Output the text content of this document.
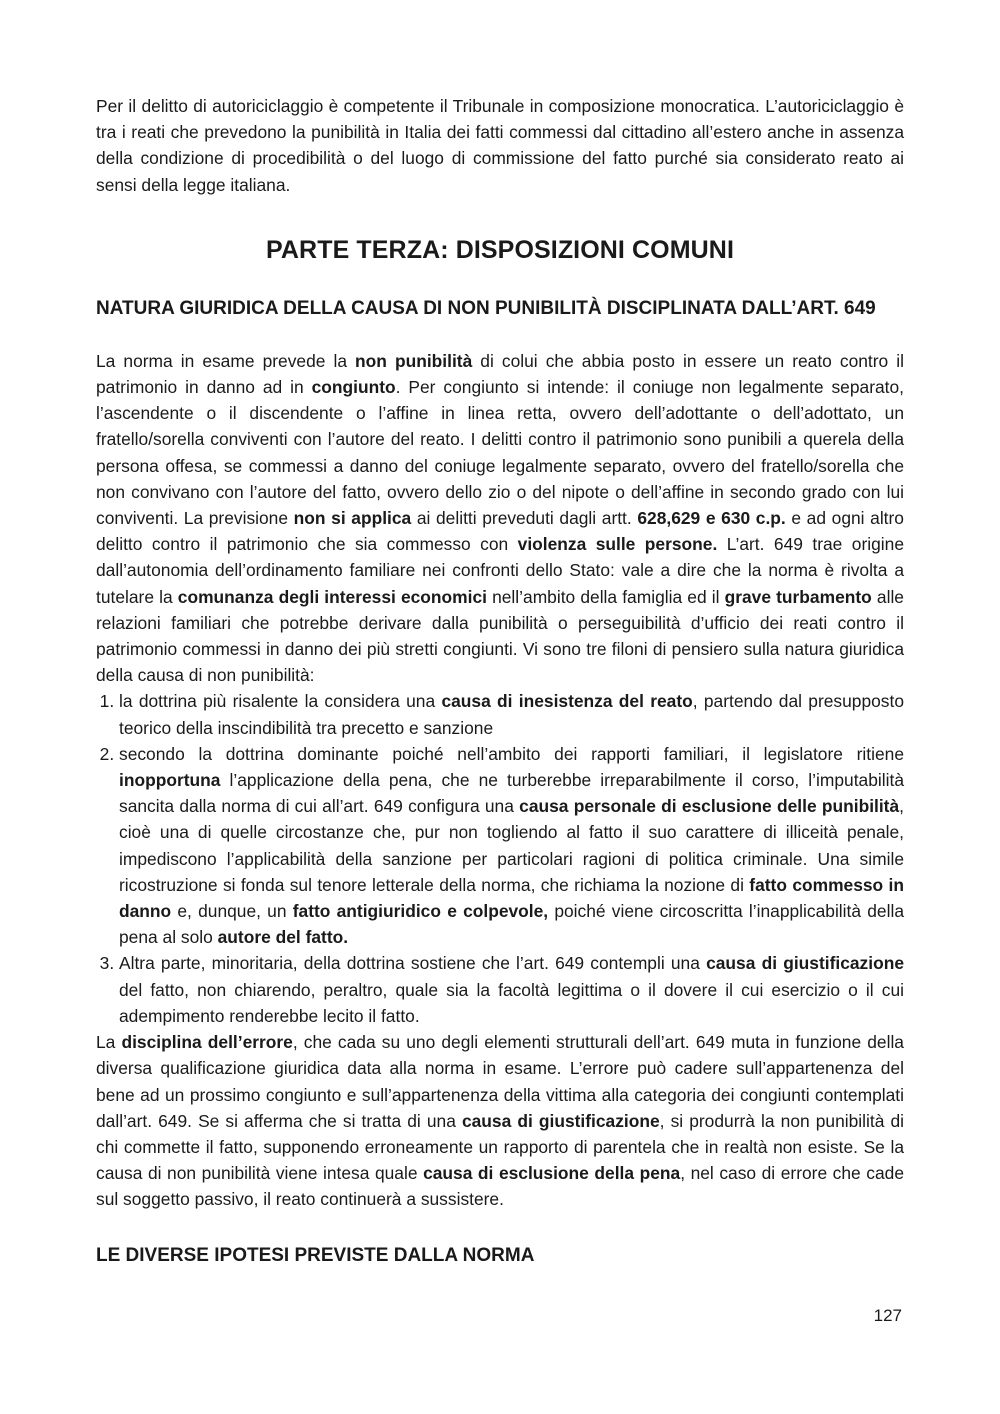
Per il delitto di autoriciclaggio è competente il Tribunale in composizione monocratica. L’autoriciclaggio è tra i reati che prevedono la punibilità in Italia dei fatti commessi dal cittadino all’estero anche in assenza della condizione di procedibilità o del luogo di commissione del fatto purché sia considerato reato ai sensi della legge italiana.

PARTE TERZA: DISPOSIZIONI COMUNI
NATURA GIURIDICA DELLA CAUSA DI NON PUNIBILITÀ DISCIPLINATA DALL’ART. 649

La norma in esame prevede la non punibilità di colui che abbia posto in essere un reato contro il patrimonio in danno ad in congiunto. Per congiunto si intende: il coniuge non legalmente separato, l’ascendente o il discendente o l’affine in linea retta, ovvero dell’adottante o dell’adottato, un fratello/sorella conviventi con l’autore del reato. I delitti contro il patrimonio sono punibili a querela della persona offesa, se commessi a danno del coniuge legalmente separato, ovvero del fratello/sorella che non convivano con l’autore del fatto, ovvero dello zio o del nipote o dell’affine in secondo grado con lui conviventi. La previsione non si applica ai delitti preveduti dagli artt. 628,629 e 630 c.p. e ad ogni altro delitto contro il patrimonio che sia commesso con violenza sulle persone. L’art. 649 trae origine dall’autonomia dell’ordinamento familiare nei confronti dello Stato: vale a dire che la norma è rivolta a tutelare la comunanza degli interessi economici nell’ambito della famiglia ed il grave turbamento alle relazioni familiari che potrebbe derivare dalla punibilità o perseguibilità d’ufficio dei reati contro il patrimonio commessi in danno dei più stretti congiunti. Vi sono tre filoni di pensiero sulla natura giuridica della causa di non punibilità:

1. la dottrina più risalente la considera una causa di inesistenza del reato, partendo dal presupposto teorico della inscindibilità tra precetto e sanzione
2. secondo la dottrina dominante poiché nell’ambito dei rapporti familiari, il legislatore ritiene inopportuna l’applicazione della pena, che ne turberebbe irreparabilmente il corso, l’imputabilità sancita dalla norma di cui all’art. 649 configura una causa personale di esclusione delle punibilità, cioè una di quelle circostanze che, pur non togliendo al fatto il suo carattere di illiceità penale, impediscono l’applicabilità della sanzione per particolari ragioni di politica criminale. Una simile ricostruzione si fonda sul tenore letterale della norma, che richiama la nozione di fatto commesso in danno e, dunque, un fatto antigiuridico e colpevole, poiché viene circoscritta l’inapplicabilità della pena al solo autore del fatto.
3. Altra parte, minoritaria, della dottrina sostiene che l’art. 649 contempli una causa di giustificazione del fatto, non chiarendo, peraltro, quale sia la facoltà legittima o il dovere il cui esercizio o il cui adempimento renderebbe lecito il fatto.

La disciplina dell’errore, che cada su uno degli elementi strutturali dell’art. 649 muta in funzione della diversa qualificazione giuridica data alla norma in esame. L’errore può cadere sull’appartenenza del bene ad un prossimo congiunto e sull’appartenenza della vittima alla categoria dei congiunti contemplati dall’art. 649. Se si afferma che si tratta di una causa di giustificazione, si produrrà la non punibilità di chi commette il fatto, supponendo erroneamente un rapporto di parentela che in realtà non esiste. Se la causa di non punibilità viene intesa quale causa di esclusione della pena, nel caso di errore che cade sul soggetto passivo, il reato continuerà a sussistere.

LE DIVERSE IPOTESI PREVISTE DALLA NORMA
127
